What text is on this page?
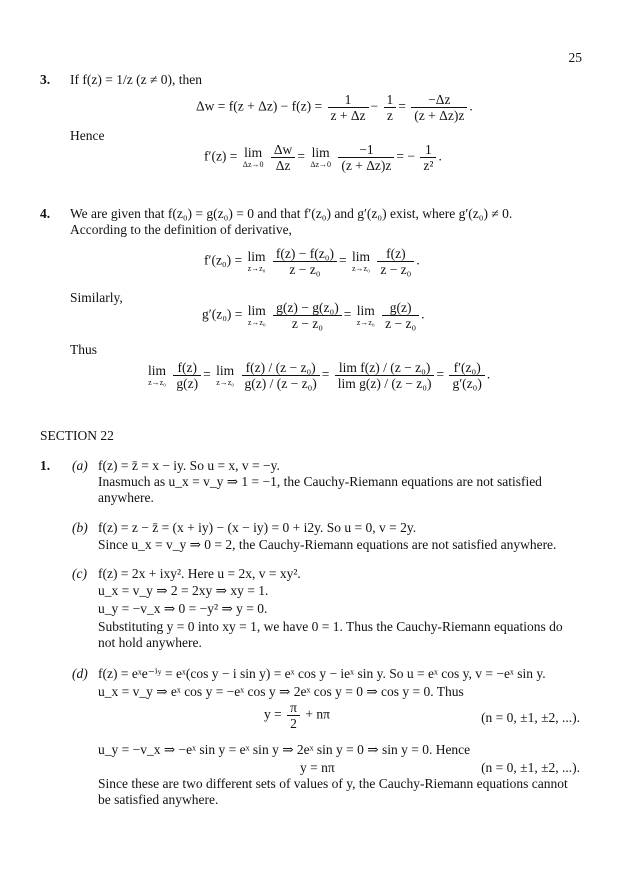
25
3. If f(z) = 1/z (z ≠ 0), then
$\Delta w = f(z + \Delta z) - f(z) = \frac{1}{z + \Delta z} - \frac{1}{z} = \frac{-\Delta z}{(z + \Delta z)z}$ .
Hence
f′(z) = lim
Δz→0
$\frac{\Delta w}{\Delta z} = \lim$
Δz→0
$\frac{-1}{(z + \Delta z)z}$ = − $\frac{1}{\text{z²}}$ .
4. We are given that f(z₀) = g(z₀) = 0 and that f′(z₀) and g′(z₀) exist, where g′(z₀) ≠ 0.
According to the definition of derivative,
f′(z₀) = lim
z→z₀
$\frac{\text{f(z) − f(z₀)}}{\text{z − z₀}} = \lim$
z→z₀
$\frac{f(z)}{\text{z − z₀}}$ .
Similarly,
g′(z₀) = lim
z→z₀
$\frac{\text{g(z) − g(z₀)}}{\text{z − z₀}} = \lim$
z→z₀
$\frac{g(z)}{\text{z − z₀}}$ .
Thus
lim
z→z₀
$\frac{f(z)}{g(z)} = \lim$
z→z₀
$\frac{\text{f(z) / (z − z₀)}}{\text{g(z) / (z − z₀)}} = \frac{\text{lim f(z) / (z − z₀)}}{\text{lim g(z) / (z − z₀)}} = \frac{\text{f′(z₀)}}{\text{g′(z₀)}}$ .
SECTION 22
1. (a) f(z) = z̄ = x − iy. So u = x, v = −y.
Inasmuch as u_x = v_y ⇒ 1 = −1, the Cauchy-Riemann equations are not satisfied
anywhere.
(b) f(z) = z − z̄ = (x + iy) − (x − iy) = 0 + i2y. So u = 0, v = 2y.
Since u_x = v_y ⇒ 0 = 2, the Cauchy-Riemann equations are not satisfied anywhere.
(c) f(z) = 2x + ixy². Here u = 2x, v = xy².
u_x = v_y ⇒ 2 = 2xy ⇒ xy = 1.
u_y = −v_x ⇒ 0 = −y² ⇒ y = 0.
Substituting y = 0 into xy = 1, we have 0 = 1. Thus the Cauchy-Riemann equations do
not hold anywhere.
(d) f(z) = eˣe⁻ⁱʸ = eˣ(cos y − i sin y) = eˣ cos y − ieˣ sin y. So u = eˣ cos y, v = −eˣ sin y.
u_x = v_y ⇒ eˣ cos y = −eˣ cos y ⇒ 2eˣ cos y = 0 ⇒ cos y = 0. Thus
$y = \frac{\pi}{2} + n\pi$	(n = 0, ±1, ±2, ...).
u_y = −v_x ⇒ −eˣ sin y = eˣ sin y ⇒ 2eˣ sin y = 0 ⇒ sin y = 0. Hence
y = nπ	(n = 0, ±1, ±2, ...).
Since these are two different sets of values of y, the Cauchy-Riemann equations cannot
be satisfied anywhere.
